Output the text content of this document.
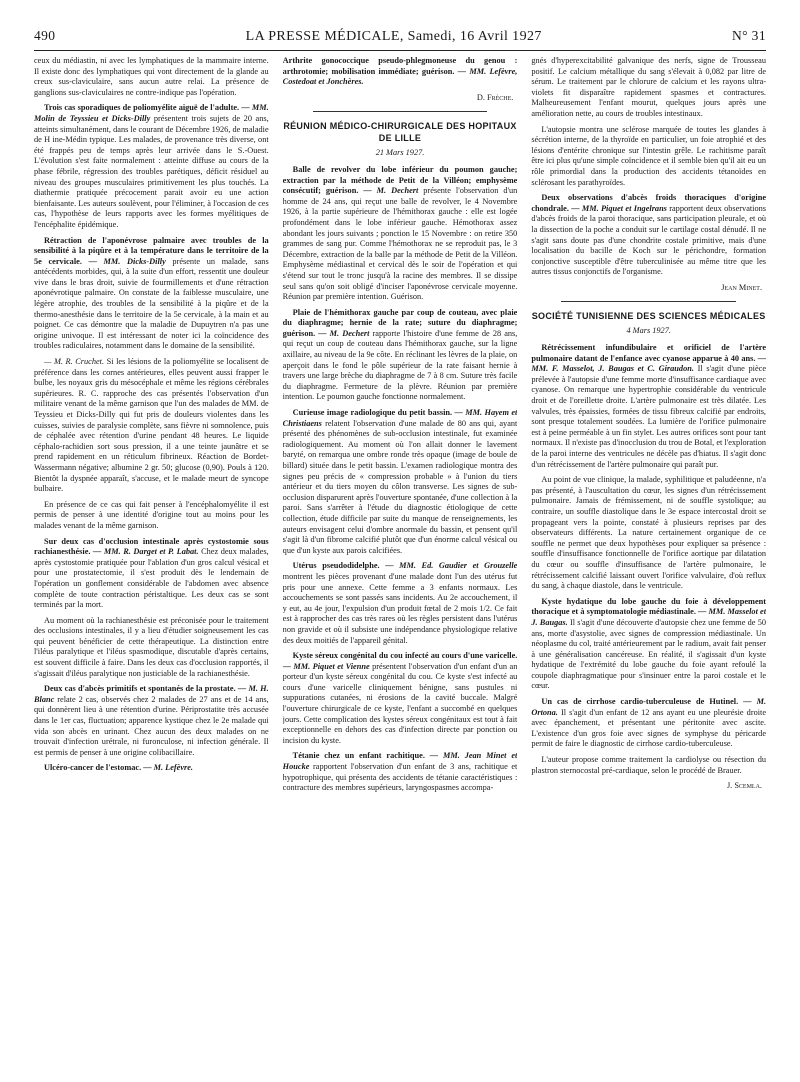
490	LA PRESSE MÉDICALE, Samedi, 16 Avril 1927	N° 31

ceux du médiastin, ni avec les lymphatiques de la mammaire interne. Il existe donc des lymphatiques qui vont directement de la glande au creux sus-claviculaire, sans aucun autre relai. La présence de ganglions sus-claviculaires ne contre-indique pas l'opération.

Trois cas sporadiques de poliomyélite aiguë de l'adulte. — MM. Molin de Teyssieu et Dicks-Dilly présentent trois sujets de 20 ans, atteints simultanément, dans le courant de Décembre 1926, de maladie de H ine-Médin typique. Les malades, de provenance très diverse, ont été frappés peu de temps après leur arrivée dans le S.-Ouest. L'évolution s'est faite normalement : atteinte diffuse au cours de la phase fébrile, régression des troubles parétiques, déficit résiduel au niveau des groupes musculaires primitivement les plus touchés. La diathermie pratiquée précocement parait avoir eu une action bienfaisante. Les auteurs soulèvent, pour l'éliminer, à l'occasion de ces cas, l'hypothèse de leurs rapports avec les formes myélitiques de l'encéphalite épidémique.

Rétraction de l'aponévrose palmaire avec troubles de la sensibilité à la piqûre et à la température dans le territoire de la 5e cervicale. — MM. Dicks-Dilly présente un malade, sans antécédents morbides, qui, à la suite d'un effort, ressentit une douleur vive dans le bras droit, suivie de fourmillements et d'une rétraction aponévrotique palmaire. On constate de la faiblesse musculaire, une légère atrophie, des troubles de la sensibilité à la piqûre et de la thermo-anesthésie dans le territoire de la 5e cervicale, à la main et au poignet. Ce cas démontre que la maladie de Dupuytren n'a pas une origine univoque. Il est intéressant de noter ici la coïncidence des troubles radiculaires, notamment dans le domaine de la sensibilité.

— M. R. Cruchet. Si les lésions de la poliomyélite se localisent de préférence dans les cornes antérieures, elles peuvent aussi frapper le bulbe, les noyaux gris du mésocéphale et même les régions cérébrales supérieures. R. C. rapproche des cas présentés l'observation d'un militaire venant de la même garnison que l'un des malades de MM. de Teyssieu et Dicks-Dilly qui fut pris de douleurs violentes dans les cuisses, suivies de paralysie complète, sans fièvre ni somnolence, puis de céphalée avec rétention d'urine pendant 48 heures. Le liquide céphalo-rachidien sort sous pression, il a une teinte jaunâtre et se prend rapidement en un réticulum fibrineux. Réaction de Bordet-Wassermann négative; albumine 2 gr. 50; glucose (0,90). Pouls à 120. Bientôt la dyspnée apparaît, s'accuse, et le malade meurt de syncope bulbaire.

En présence de ce cas qui fait penser à l'encéphalomyélite il est permis de penser à une identité d'origine tout au moins pour les malades venant de la même garnison.

Sur deux cas d'occlusion intestinale après cystostomie sous rachianesthésie. — MM. R. Darget et P. Labat. Chez deux malades, après cystostomie pratiquée pour l'ablation d'un gros calcul vésical et pour une prostatectomie, il s'est produit dès le lendemain de l'opération un gonflement considérable de l'abdomen avec absence complète de toute contraction péristaltique. Les deux cas se sont terminés par la mort.

Au moment où la rachianesthésie est préconisée pour le traitement des occlusions intestinales, il y a lieu d'étudier soigneusement les cas qui peuvent bénéficier de cette thérapeutique. La distinction entre l'iléus paralytique et l'iléus spasmodique, discutable d'après certains, est souvent difficile à faire. Dans les deux cas d'occlusion rapportés, il s'agissait d'iléus paralytique non justiciable de la rachianesthésie.

Deux cas d'abcès primitifs et spontanés de la prostate. — M. H. Blanc relate 2 cas, observés chez 2 malades de 27 ans et de 14 ans, qui donnèrent lieu à une rétention d'urine. Périprostatite très accusée dans le 1er cas, fluctuation; apparence kystique chez le 2e malade qui vida son abcès en urinant. Chez aucun des deux malades on ne trouvait d'infection urétrale, ni furonculose, ni infection générale. Il est permis de penser à une origine colibacillaire.

Ulcéro-cancer de l'estomac. — M. Lefèvre.

Arthrite gonococcique pseudo-phlegmoneuse du genou : arthrotomie; mobilisation immédiate; guérison. — MM. Lefèvre, Costedoat et Jonchères.

D. Frèche.

RÉUNION MÉDICO-CHIRURGICALE DES HOPITAUX DE LILLE

21 Mars 1927.

Balle de revolver du lobe inférieur du poumon gauche; extraction par la méthode de Petit de la Villéon; emphysème consécutif; guérison. — M. Dechert présente l'observation d'un homme de 24 ans, qui reçut une balle de revolver, le 4 Novembre 1926, à la partie supérieure de l'hémithorax gauche : elle est logée profondément dans le lobe inférieur gauche. Hémothorax assez abondant les jours suivants ; ponction le 15 Novembre : on retire 350 grammes de sang pur. Comme l'hémothorax ne se reproduit pas, le 3 Décembre, extraction de la balle par la méthode de Petit de la Villéon. Emphysème médiastinal et cervical dès le soir de l'opération et qui s'étend sur tout le tronc jusqu'à la racine des membres. Il se dissipe seul sans qu'on soit obligé d'inciser l'aponévrose cervicale moyenne. Réunion par première intention. Guérison.

Plaie de l'hémithorax gauche par coup de couteau, avec plaie du diaphragme; hernie de la rate; suture du diaphragme; guérison. — M. Dechert rapporte l'histoire d'une femme de 28 ans, qui reçut un coup de couteau dans l'hémithorax gauche, sur la ligne axillaire, au niveau de la 9e côte. En réclinant les lèvres de la plaie, on aperçoit dans le fond le pôle supérieur de la rate faisant hernie à travers une large brèche du diaphragme de 7 à 8 cm. Suture très facile du diaphragme. Fermeture de la plèvre. Réunion par première intention. Le poumon gauche fonctionne normalement.

Curieuse image radiologique du petit bassin. — MM. Hayem et Christiaens relatent l'observation d'une malade de 80 ans qui, ayant présenté des phénomènes de sub-occlusion intestinale, fut examinée radiologiquement. Au moment où l'on allait donner le lavement baryté, on remarqua une ombre ronde très opaque (image de boule de billard) située dans le petit bassin. L'examen radiologique montra des signes peu précis de « compression probable » à l'union du tiers antérieur et du tiers moyen du côlon transverse. Les signes de sub-occlusion disparurent après l'ouverture spontanée, d'une collection à la paroi. Sans s'arrêter à l'étude du diagnostic étiologique de cette collection, étude difficile par suite du manque de renseignements, les auteurs envisagent celui d'ombre anormale du bassin, et pensent qu'il s'agit là d'un fibrome calcifié plutôt que d'un énorme calcul vésical ou que d'un kyste aux parois calcifiées.

Utérus pseudodidelphe. — MM. Ed. Gaudier et Grouzelle montrent les pièces provenant d'une malade dont l'un des utérus fut pris pour une annexe. Cette femme a 3 enfants normaux. Les accouchements se sont passés sans incidents. Au 2e accouchement, il y eut, au 4e jour, l'expulsion d'un produit fœtal de 2 mois 1/2. Ce fait est à rapprocher des cas très rares où les règles persistent dans l'utérus non gravide et où il subsiste une indépendance physiologique relative des deux moitiés de l'appareil génital.

Kyste séreux congénital du cou infecté au cours d'une varicelle. — MM. Piquet et Vienne présentent l'observation d'un enfant d'un an porteur d'un kyste séreux congénital du cou. Ce kyste s'est infecté au cours d'une varicelle cliniquement bénigne, sans pustules ni suppurations cutanées, ni érosions de la cavité buccale. Malgré l'ouverture chirurgicale de ce kyste, l'enfant a succombé en quelques jours. Cette complication des kystes séreux congénitaux est tout à fait exceptionnelle en dehors des cas d'infection directe par ponction ou incision du kyste.

Tétanie chez un enfant rachitique. — MM. Jean Minet et Houcke rapportent l'observation d'un enfant de 3 ans, rachitique et hypotrophique, qui présenta des accidents de tétanie caractéristiques : contracture des membres supérieurs, laryngospasmes accompa-

gnés d'hyperexcitabilité galvanique des nerfs, signe de Trousseau positif. Le calcium métallique du sang s'élevait à 0,082 par litre de sérum. Le traitement par le chlorure de calcium et les rayons ultra-violets fit disparaître rapidement spasmes et contractures. Malheureusement l'enfant mourut, quelques jours après une amélioration nette, au cours de troubles intestinaux.

L'autopsie montra une sclérose marquée de toutes les glandes à sécrétion interne, de la thyroïde en particulier, un foie atrophié et des lésions d'entérite chronique sur l'intestin grêle. Le rachitisme paraît être ici plus qu'une simple coïncidence et il semble bien qu'il ait eu un rôle primordial dans la production des accidents tétanoïdes en sclérosant les parathyroïdes.

Deux observations d'abcès froids thoraciques d'origine chondrale. — MM. Piquet et Ingelrans rapportent deux observations d'abcès froids de la paroi thoracique, sans participation pleurale, et où la dissection de la poche a conduit sur le cartilage costal dénudé. Il ne s'agit sans doute pas d'une chondrite costale primitive, mais d'une localisation du bacille de Koch sur le périchondre, formation conjonctive susceptible d'être tuberculinisée au même titre que les autres tissus conjonctifs de l'organisme.

Jean Minet.

SOCIÉTÉ TUNISIENNE DES SCIENCES MÉDICALES

4 Mars 1927.

Rétrécissement infundibulaire et orificiel de l'artère pulmonaire datant de l'enfance avec cyanose apparue à 40 ans. — MM. F. Masselot, J. Baugas et C. Giraudon. Il s'agit d'une pièce prélevée à l'autopsie d'une femme morte d'insuffisance cardiaque avec cyanose. On remarque une hypertrophie considérable du ventricule droit et de l'oreillette droite. L'artère pulmonaire est très dilatée. Les valvules, très épaissies, formées de tissu fibreux calcifié par endroits, sont presque totalement soudées. La lumière de l'orifice pulmonaire est à peine perméable à un fin stylet. Les autres orifices sont pour tant normaux. Il n'existe pas d'inocclusion du trou de Botal, et l'exploration de la paroi interne des ventricules ne décèle pas d'hiatus. Il s'agit donc d'un rétrécissement de l'artère pulmonaire qui paraît pur.

Au point de vue clinique, la malade, syphilitique et paludéenne, n'a pas présenté, à l'auscultation du cœur, les signes d'un rétrécissement pulmonaire. Jamais de frémissement, ni de souffle systolique; au contraire, un souffle diastolique dans le 3e espace intercostal droit se propageant vers la pointe, constaté à plusieurs reprises par des observateurs différents. La nature certainement organique de ce souffle ne permet que deux hypothèses pour expliquer sa présence : souffle d'insuffisance fonctionnelle de l'orifice aortique par dilatation du cœur ou souffle d'insuffisance de l'artère pulmonaire, le rétrécissement calcifié laissant ouvert l'orifice valvulaire, d'où reflux du sang, à chaque diastole, dans le ventricule.

Kyste hydatique du lobe gauche du foie à développement thoracique et à symptomatologie médiastinale. — MM. Masselot et J. Baugas. Il s'agit d'une découverte d'autopsie chez une femme de 50 ans, morte d'asystolie, avec signes de compression médiastinale. Un néoplasme du col, traité antérieurement par le radium, avait fait penser à une généralisation cancéreuse. En réalité, il s'agissait d'un kyste hydatique de l'extrémité du lobe gauche du foie ayant refoulé la coupole diaphragmatique pour s'insinuer entre la paroi costale et le cœur.

Un cas de cirrhose cardio-tuberculeuse de Hutinel. — M. Ortona. Il s'agit d'un enfant de 12 ans ayant eu une pleurésie droite avec épanchement, et présentant une péritonite avec ascite. L'existence d'un gros foie avec signes de symphyse du péricarde permit de faire le diagnostic de cirrhose cardio-tuberculeuse.

L'auteur propose comme traitement la cardiolyse ou résection du plastron sternocostal pré-cardiaque, selon le procédé de Brauer.

J. Scemla.
